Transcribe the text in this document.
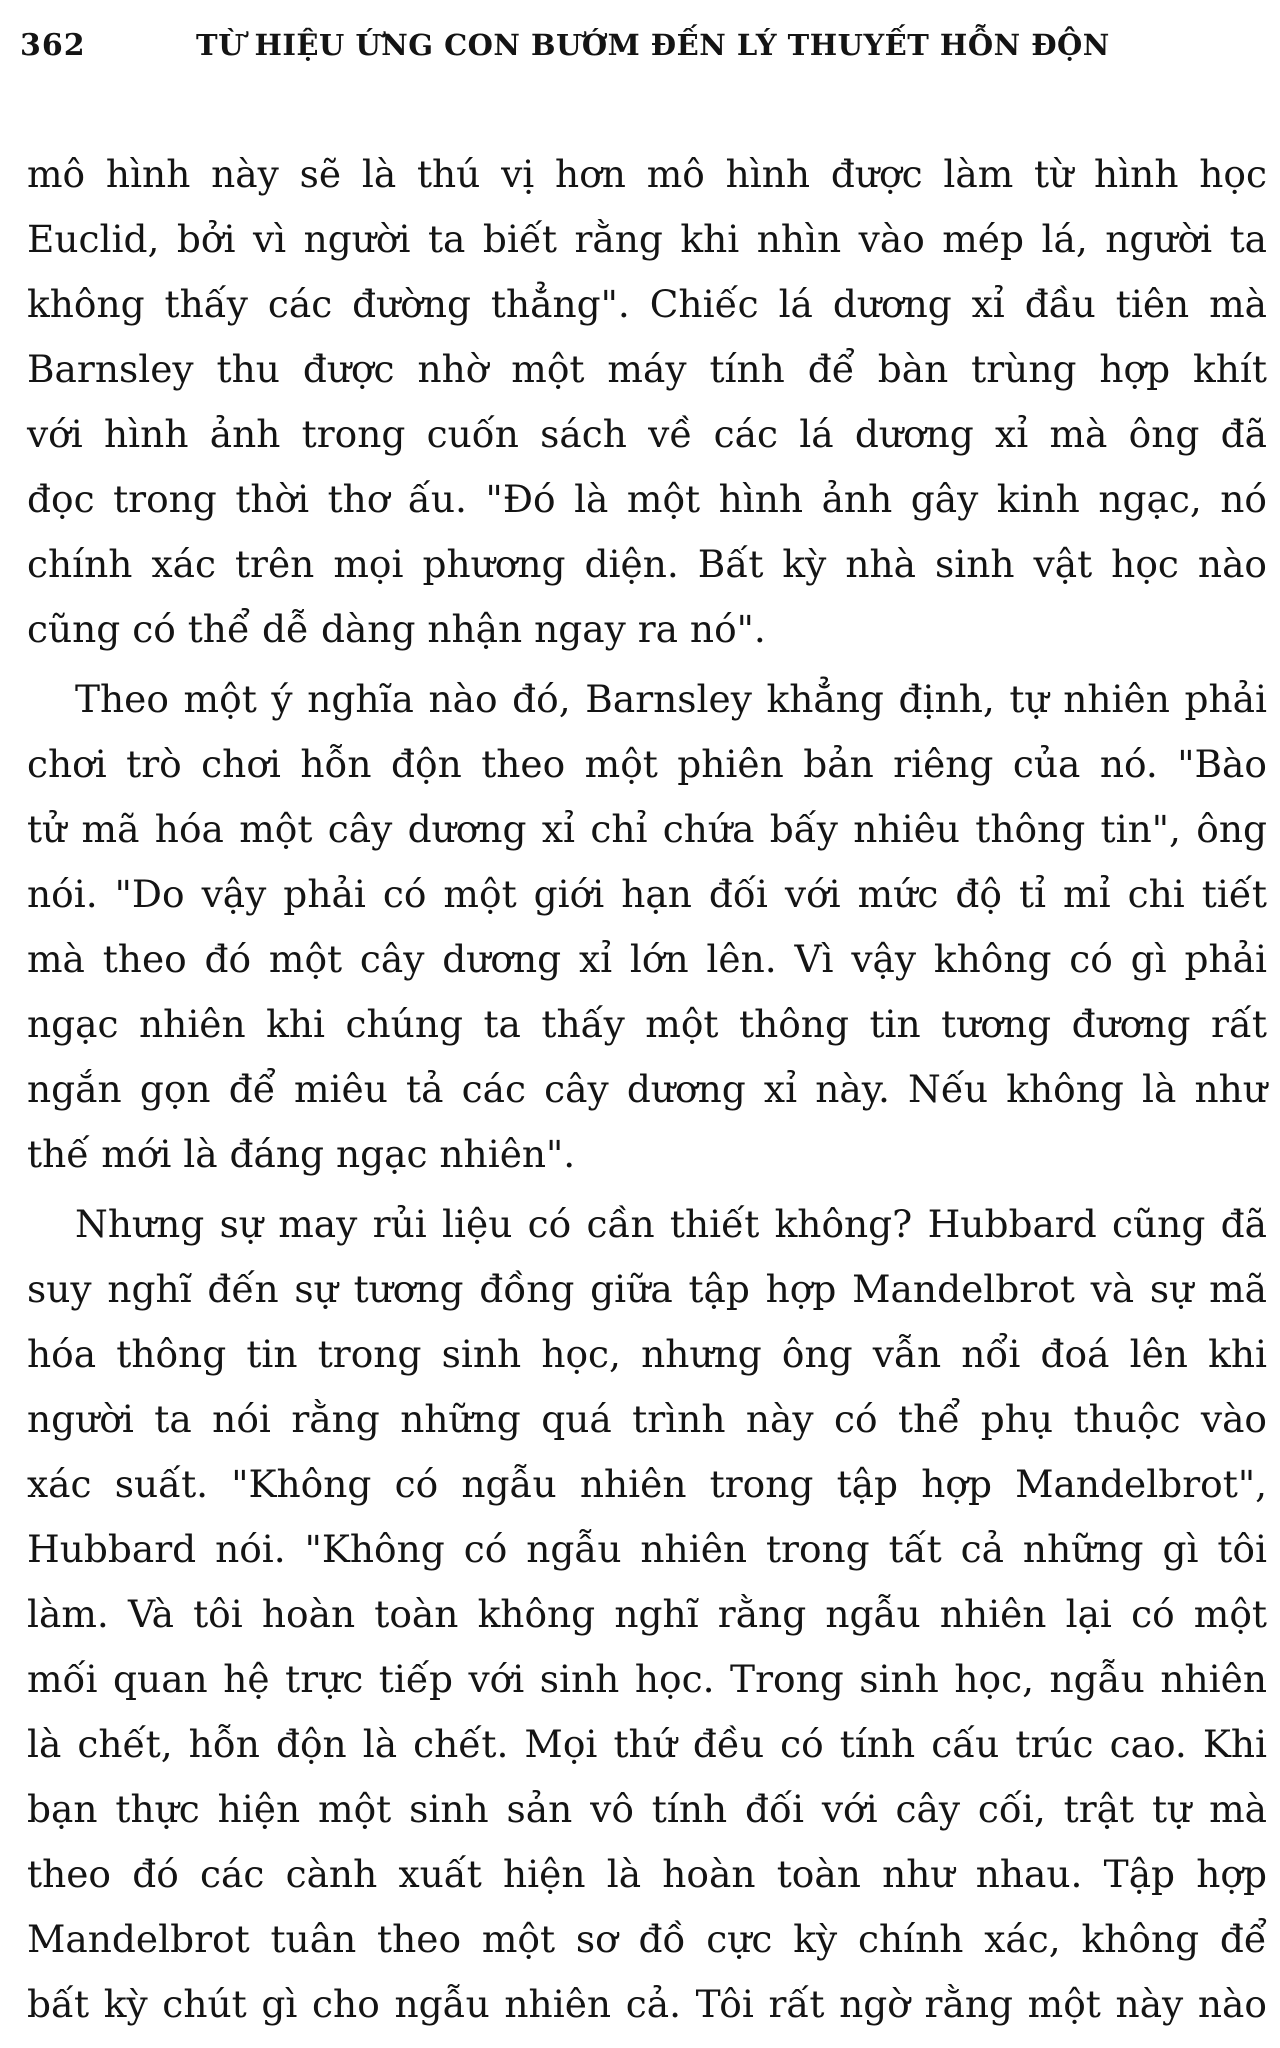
362	TỪ HIỆU ỨNG CON BƯỚM ĐẾN LÝ THUYẾT HỖN ĐỘN
mô hình này sẽ là thú vị hơn mô hình được làm từ hình học
Euclid, bởi vì người ta biết rằng khi nhìn vào mép lá, người ta
không thấy các đường thẳng". Chiếc lá dương xỉ đầu tiên mà
Barnsley thu được nhờ một máy tính để bàn trùng hợp khít
với hình ảnh trong cuốn sách về các lá dương xỉ mà ông đã
đọc trong thời thơ ấu. "Đó là một hình ảnh gây kinh ngạc, nó
chính xác trên mọi phương diện. Bất kỳ nhà sinh vật học nào
cũng có thể dễ dàng nhận ngay ra nó".
Theo một ý nghĩa nào đó, Barnsley khẳng định, tự nhiên phải
chơi trò chơi hỗn độn theo một phiên bản riêng của nó. "Bào
tử mã hóa một cây dương xỉ chỉ chứa bấy nhiêu thông tin", ông
nói. "Do vậy phải có một giới hạn đối với mức độ tỉ mỉ chi tiết
mà theo đó một cây dương xỉ lớn lên. Vì vậy không có gì phải
ngạc nhiên khi chúng ta thấy một thông tin tương đương rất
ngắn gọn để miêu tả các cây dương xỉ này. Nếu không là như
thế mới là đáng ngạc nhiên".
Nhưng sự may rủi liệu có cần thiết không? Hubbard cũng đã
suy nghĩ đến sự tương đồng giữa tập hợp Mandelbrot và sự mã
hóa thông tin trong sinh học, nhưng ông vẫn nổi đoá lên khi
người ta nói rằng những quá trình này có thể phụ thuộc vào
xác suất. "Không có ngẫu nhiên trong tập hợp Mandelbrot",
Hubbard nói. "Không có ngẫu nhiên trong tất cả những gì tôi
làm. Và tôi hoàn toàn không nghĩ rằng ngẫu nhiên lại có một
mối quan hệ trực tiếp với sinh học. Trong sinh học, ngẫu nhiên
là chết, hỗn độn là chết. Mọi thứ đều có tính cấu trúc cao. Khi
bạn thực hiện một sinh sản vô tính đối với cây cối, trật tự mà
theo đó các cành xuất hiện là hoàn toàn như nhau. Tập hợp
Mandelbrot tuân theo một sơ đồ cực kỳ chính xác, không để
bất kỳ chút gì cho ngẫu nhiên cả. Tôi rất ngờ rằng một này nào
